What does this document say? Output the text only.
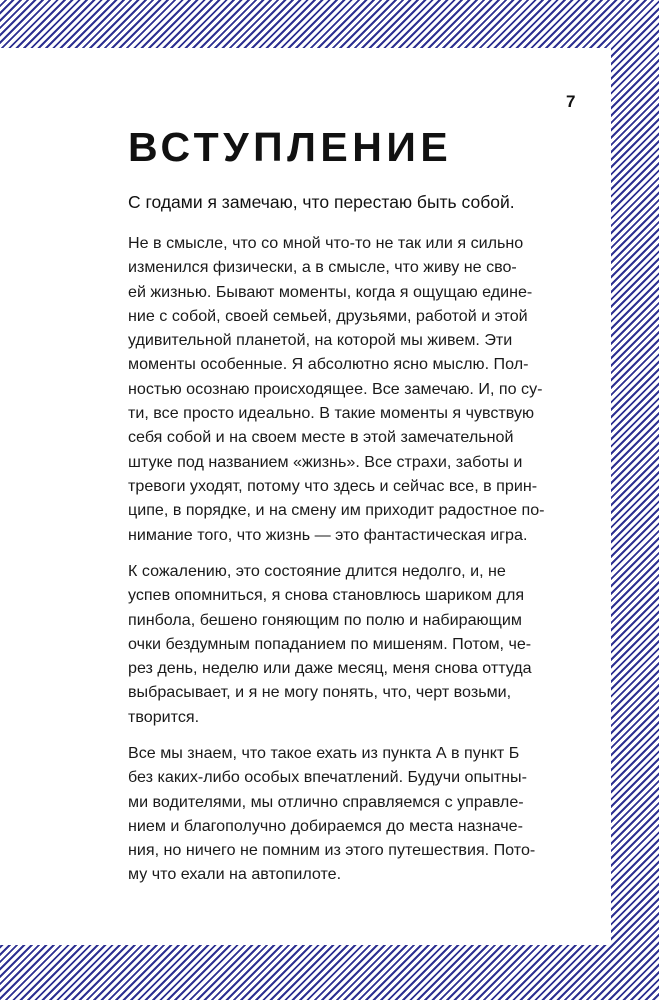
7
ВСТУПЛЕНИЕ

С годами я замечаю, что перестаю быть собой.

Не в смысле, что со мной что-то не так или я сильно
изменился физически, а в смысле, что живу не сво-
ей жизнью. Бывают моменты, когда я ощущаю едине-
ние с собой, своей семьей, друзьями, работой и этой
удивительной планетой, на которой мы живем. Эти
моменты особенные. Я абсолютно ясно мыслю. Пол-
ностью осознаю происходящее. Все замечаю. И, по су-
ти, все просто идеально. В такие моменты я чувствую
себя собой и на своем месте в этой замечательной
штуке под названием «жизнь». Все страхи, заботы и
тревоги уходят, потому что здесь и сейчас все, в прин-
ципе, в порядке, и на смену им приходит радостное по-
нимание того, что жизнь — это фантастическая игра.

К сожалению, это состояние длится недолго, и, не
успев опомниться, я снова становлюсь шариком для
пинбола, бешено гоняющим по полю и набирающим
очки бездумным попаданием по мишеням. Потом, че-
рез день, неделю или даже месяц, меня снова оттуда
выбрасывает, и я не могу понять, что, черт возьми,
творится.

Все мы знаем, что такое ехать из пункта А в пункт Б
без каких-либо особых впечатлений. Будучи опытны-
ми водителями, мы отлично справляемся с управле-
нием и благополучно добираемся до места назначе-
ния, но ничего не помним из этого путешествия. Пото-
му что ехали на автопилоте.
